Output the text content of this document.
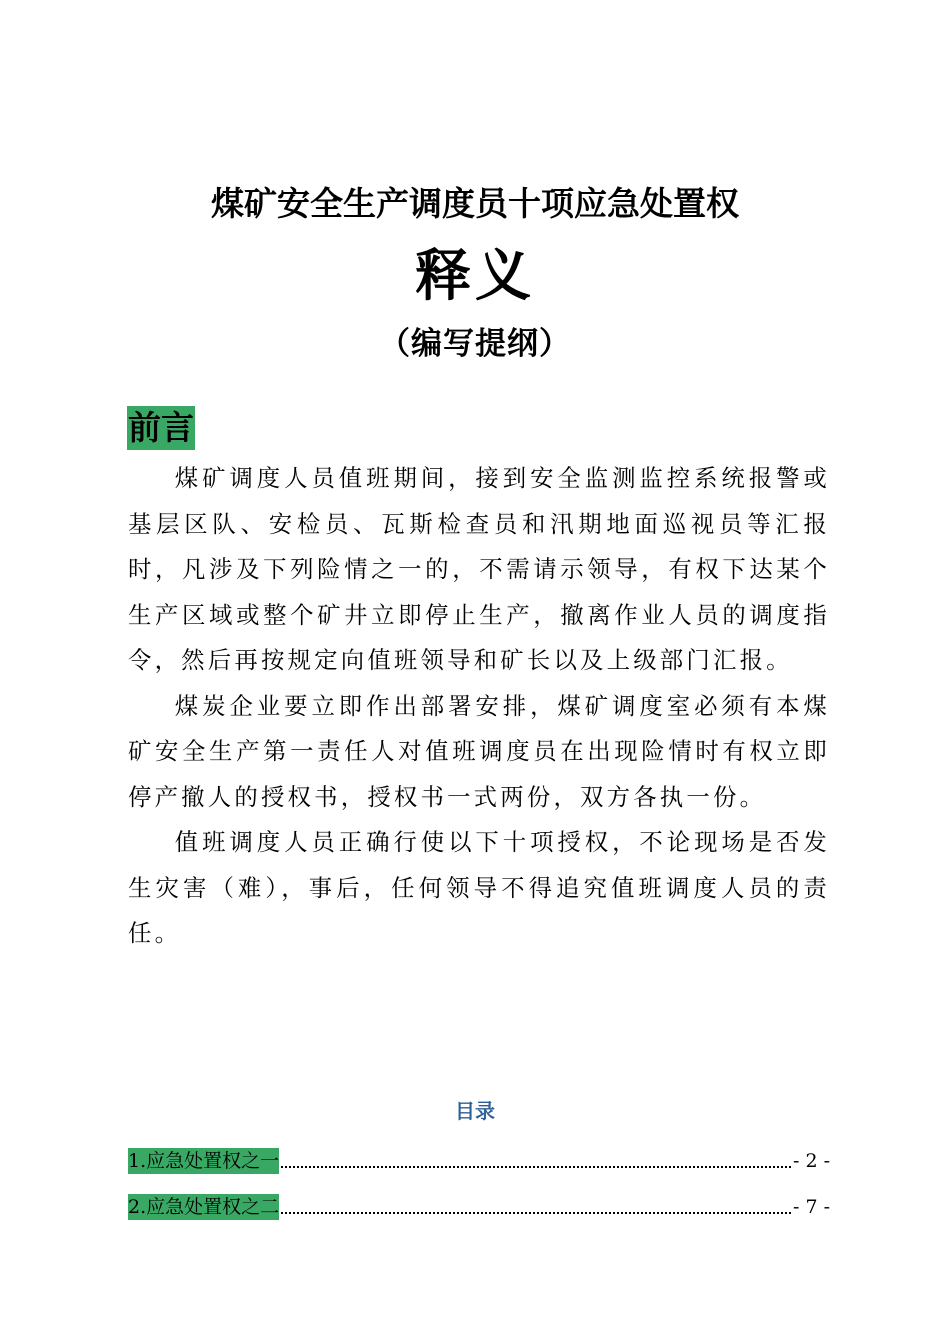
煤矿安全生产调度员十项应急处置权
释义
（编写提纲）
前言

煤矿调度人员值班期间，接到安全监测监控系统报警或基层区队、安检员、瓦斯检查员和汛期地面巡视员等汇报时，凡涉及下列险情之一的，不需请示领导，有权下达某个生产区域或整个矿井立即停止生产，撤离作业人员的调度指令，然后再按规定向值班领导和矿长以及上级部门汇报。

煤炭企业要立即作出部署安排，煤矿调度室必须有本煤矿安全生产第一责任人对值班调度员在出现险情时有权立即停产撤人的授权书，授权书一式两份，双方各执一份。

值班调度人员正确行使以下十项授权，不论现场是否发生灾害（难），事后，任何领导不得追究值班调度人员的责任。

目录
1.应急处置权之一	- 2 -
2.应急处置权之二	- 7 -
